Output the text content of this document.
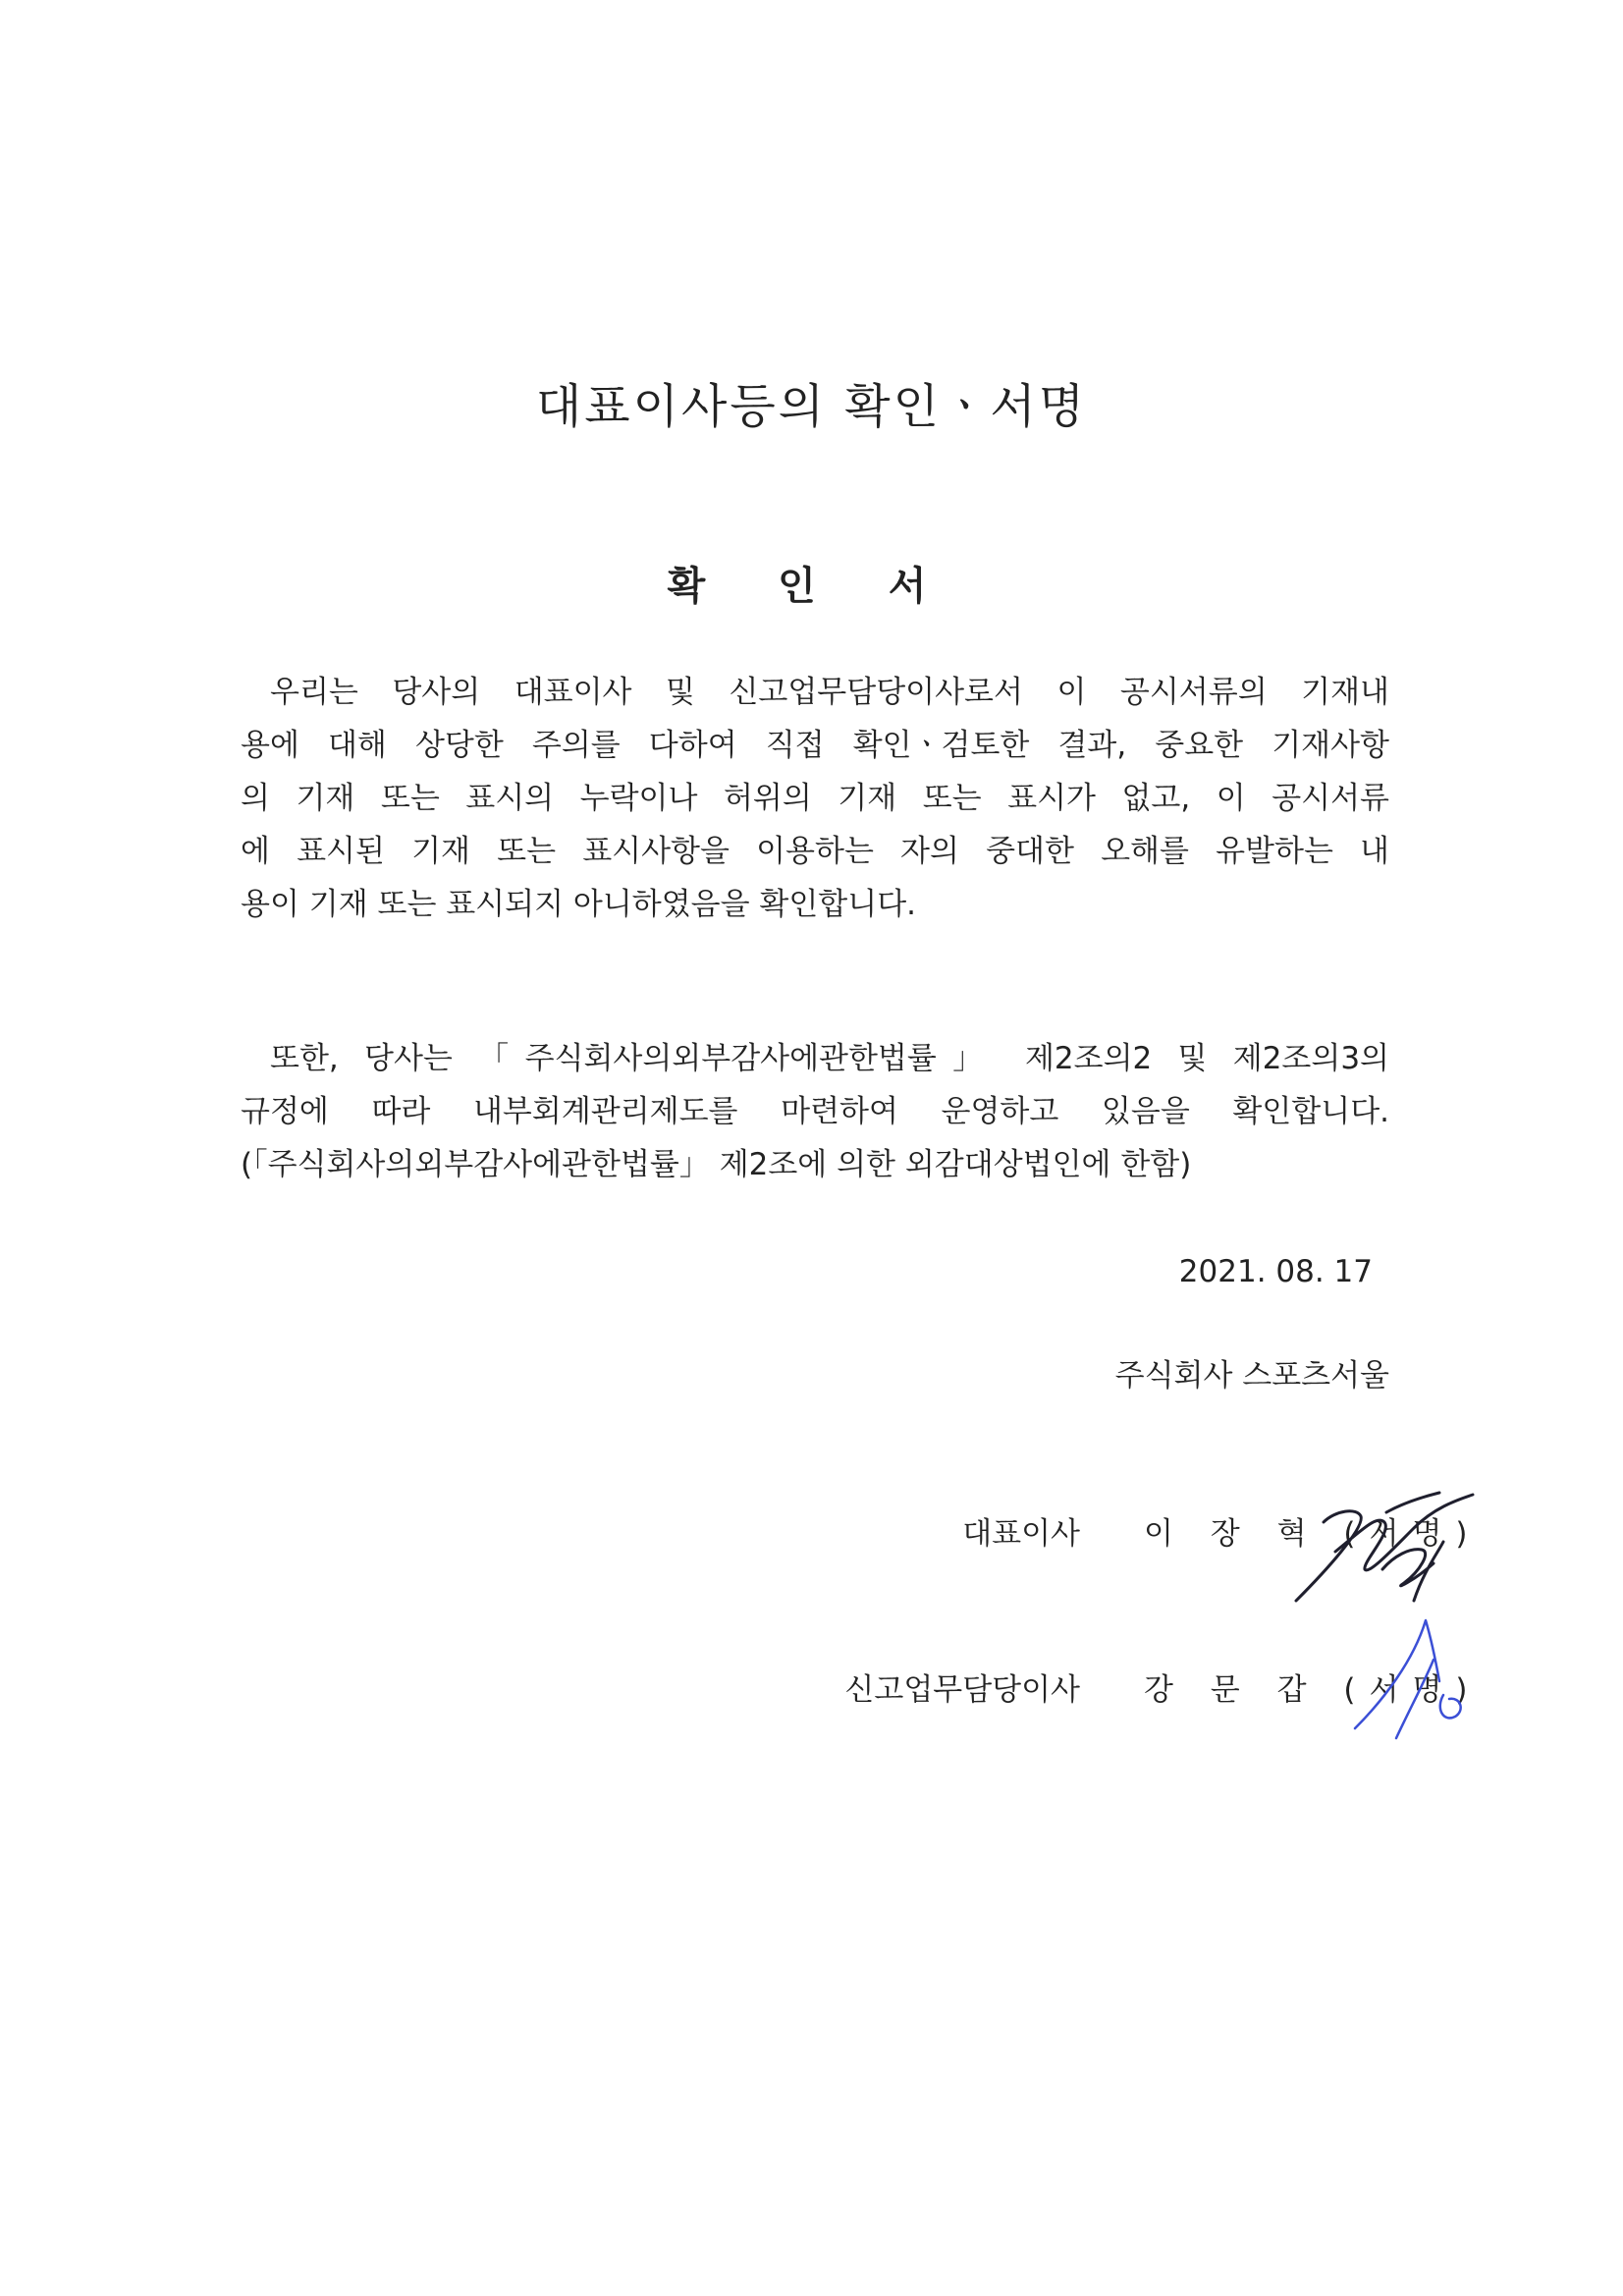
대표이사등의 확인ㆍ서명
확 인 서
우리는 당사의 대표이사 및 신고업무담당이사로서 이 공시서류의 기재내
용에 대해 상당한 주의를 다하여 직접 확인ㆍ검토한 결과, 중요한 기재사항
의 기재 또는 표시의 누락이나 허위의 기재 또는 표시가 없고, 이 공시서류
에 표시된 기재 또는 표시사항을 이용하는 자의 중대한 오해를 유발하는 내
용이 기재 또는 표시되지 아니하였음을 확인합니다.
또한, 당사는 「주식회사의외부감사에관한법률」 제2조의2 및 제2조의3의
규정에 따라 내부회계관리제도를 마련하여 운영하고 있음을 확인합니다.
(「주식회사의외부감사에관한법률」 제2조에 의한 외감대상법인에 한함)
2021. 08. 17
주식회사 스포츠서울
대표이사 이 장 혁 (서명)
신고업무담당이사 강 문 갑 (서명)
